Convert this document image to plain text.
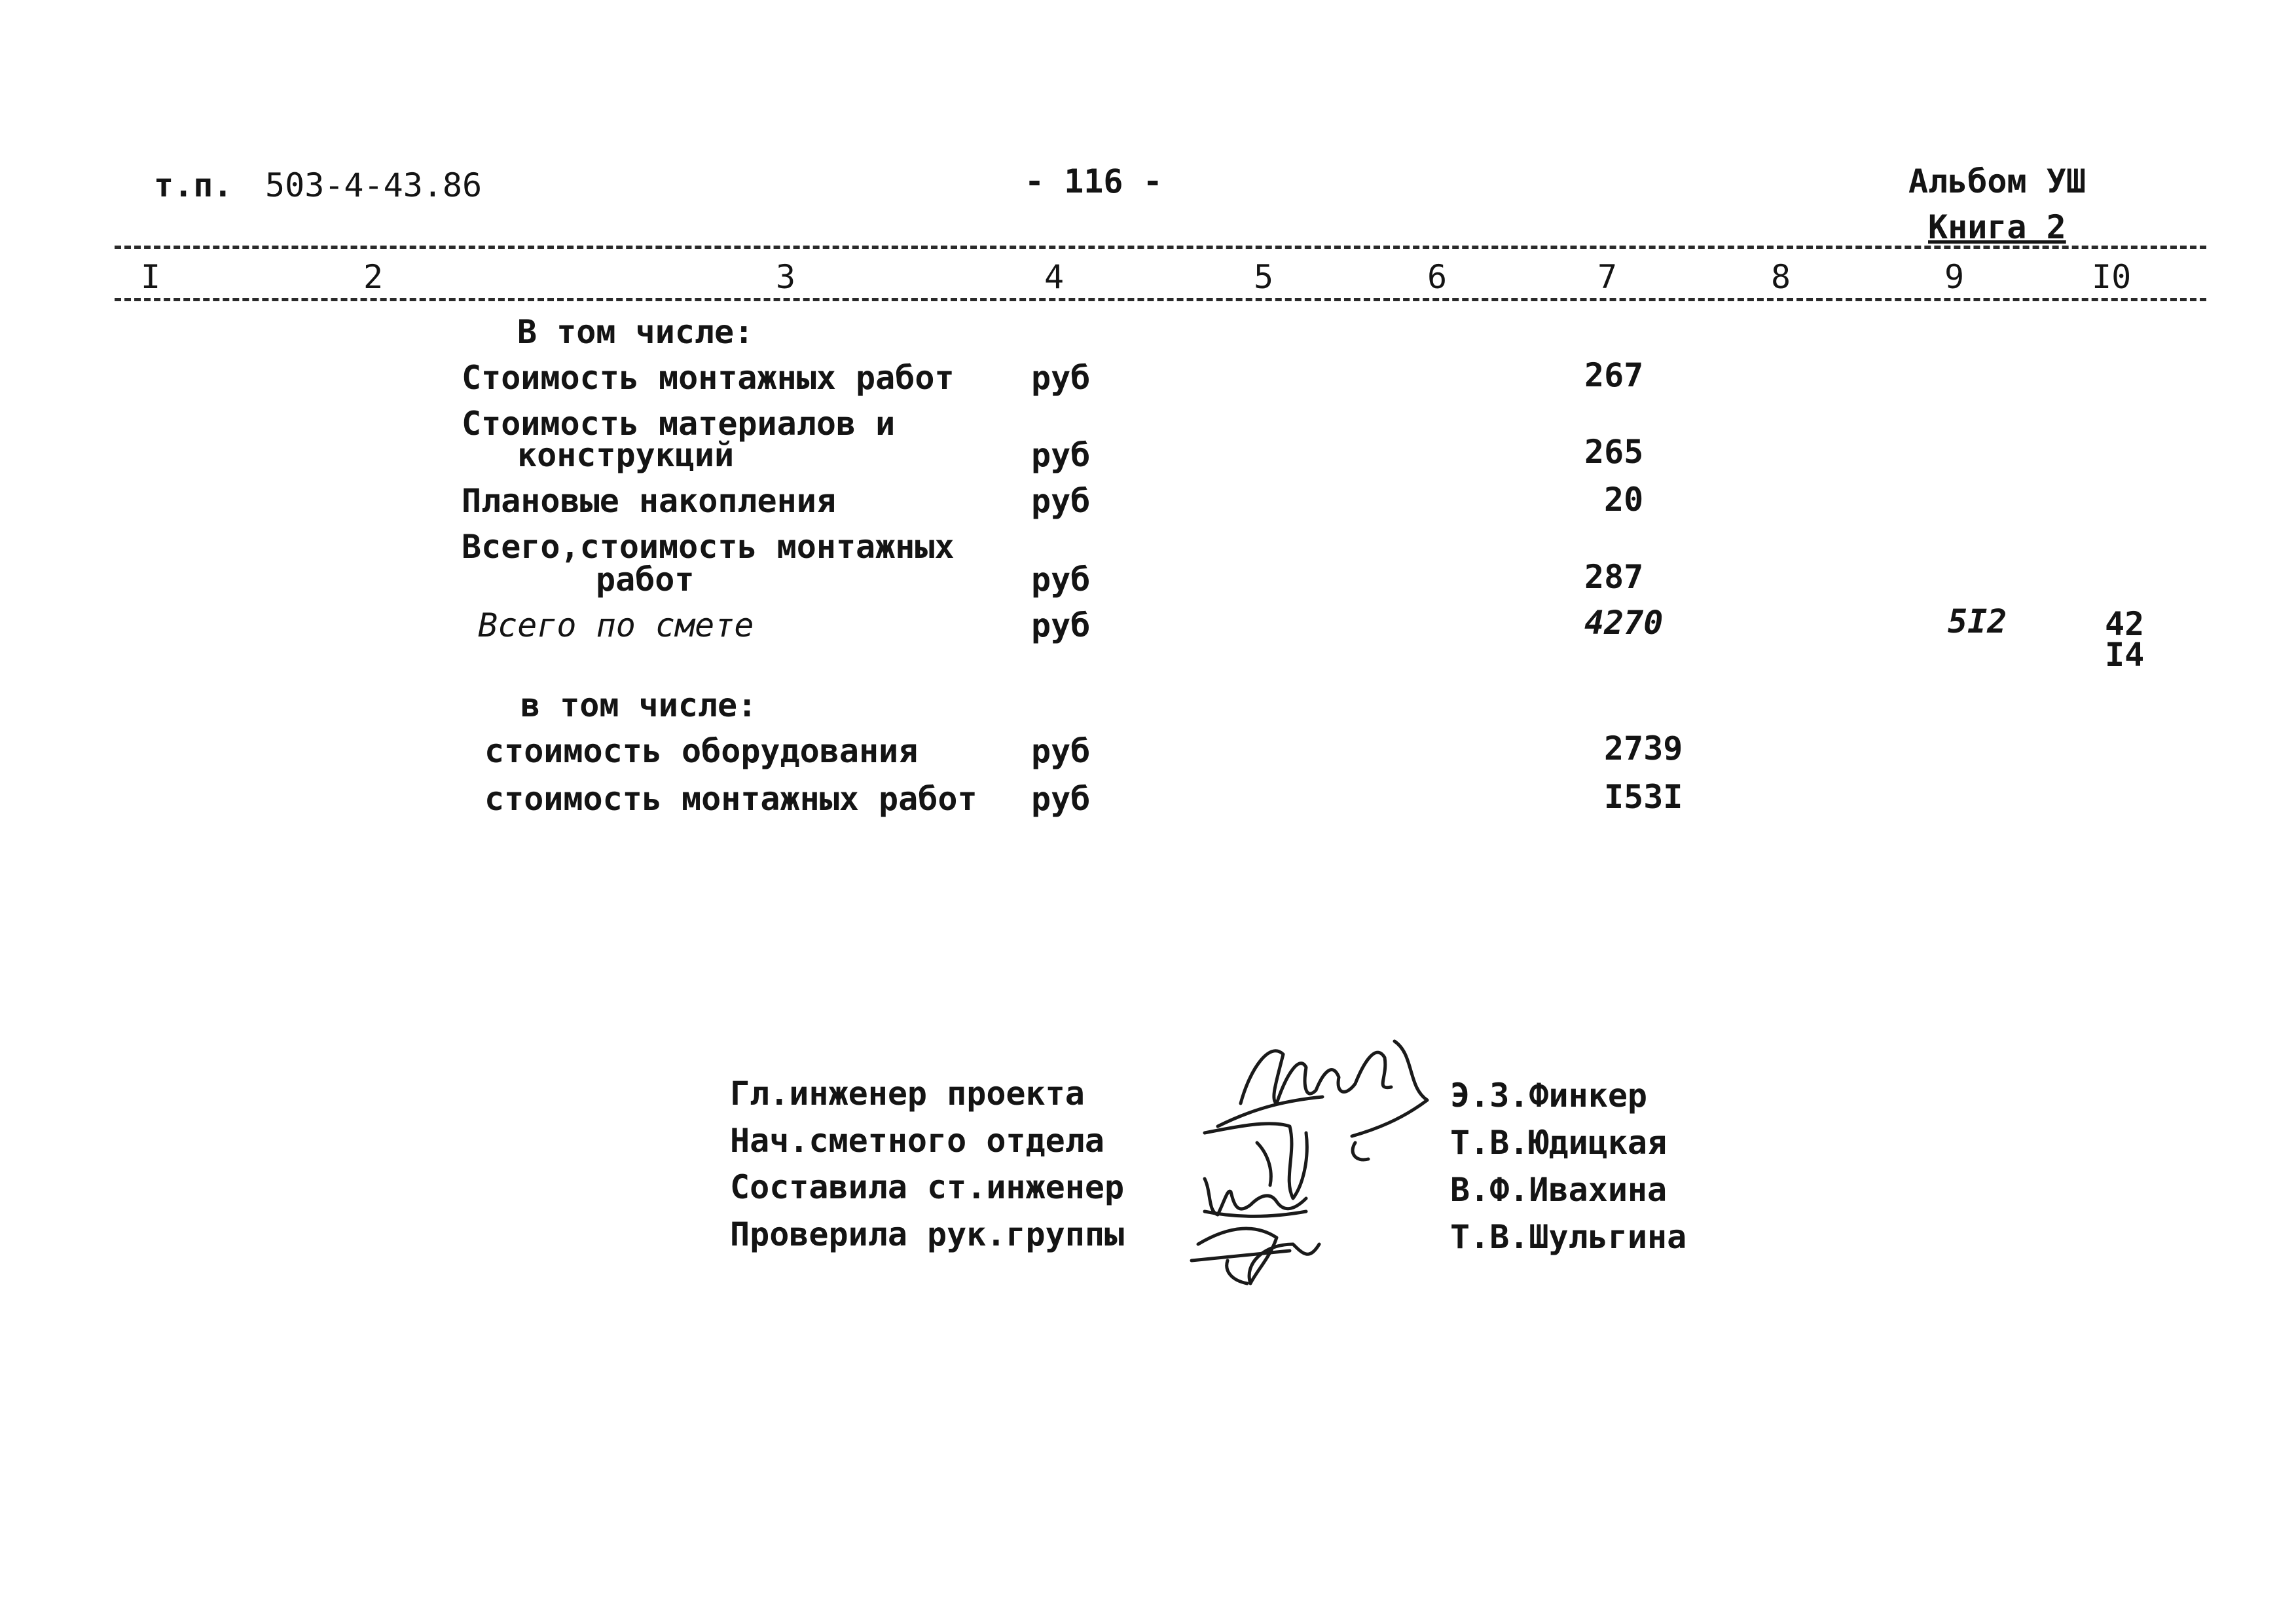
т.п. 503-4-43.86	- 116 -	Альбом УШ
Книга 2
I	2	3	4	5	6	7	8	9	I0
В том числе:
Стоимость монтажных работ руб	267
Стоимость материалов и
конструкций	руб	265
Плановые накопления	руб	20
Всего,стоимость монтажных
работ	руб	287
Всего по смете	руб	4270	5I2	42
I4
в том числе:
стоимость оборудования	руб	2739
стоимость монтажных работ руб	I53I
Гл.инженер проекта
Нач.сметного отдела
Составила ст.инженер
Проверила рук.группы
Э.З.Финкер
Т.В.Юдицкая
В.Ф.Ивахина
Т.В.Шульгина
